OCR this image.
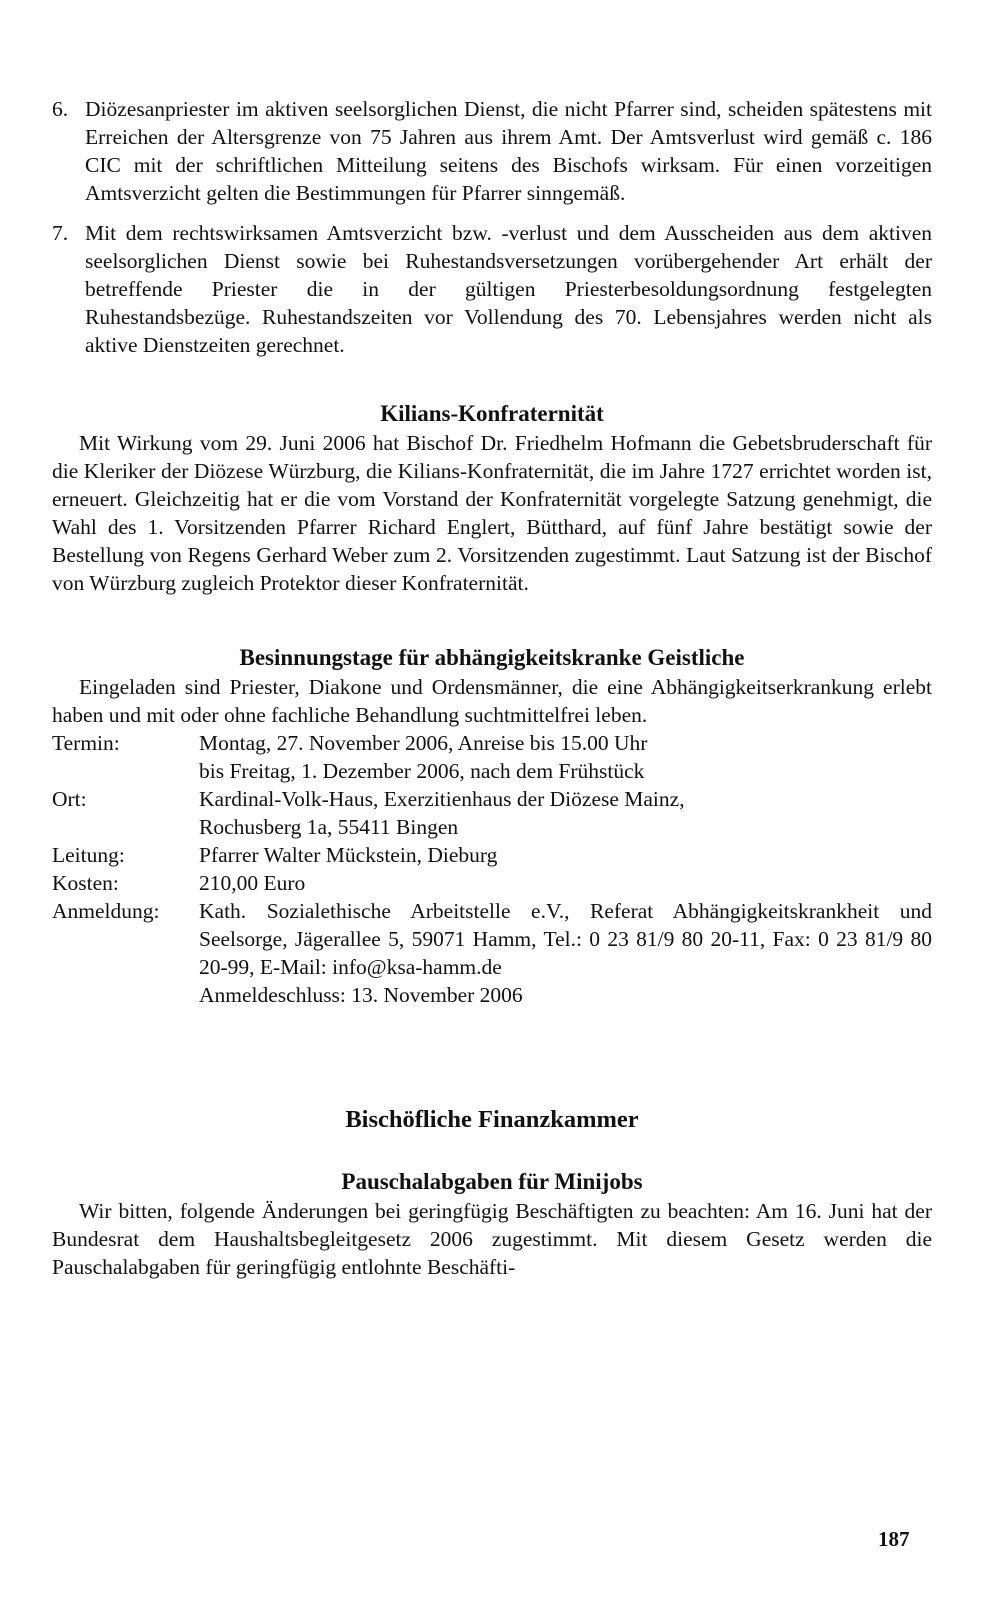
6. Diözesanpriester im aktiven seelsorglichen Dienst, die nicht Pfarrer sind, scheiden spätestens mit Erreichen der Altersgrenze von 75 Jahren aus ihrem Amt. Der Amtsverlust wird gemäß c. 186 CIC mit der schriftlichen Mitteilung seitens des Bischofs wirksam. Für einen vorzeitigen Amtsverzicht gelten die Bestimmungen für Pfarrer sinngemäß.
7. Mit dem rechtswirksamen Amtsverzicht bzw. -verlust und dem Ausscheiden aus dem aktiven seelsorglichen Dienst sowie bei Ruhestandsversetzungen vorübergehender Art erhält der betreffende Priester die in der gültigen Priesterbesoldungsordnung festgelegten Ruhestandsbezüge. Ruhestandszeiten vor Vollendung des 70. Lebensjahres werden nicht als aktive Dienstzeiten gerechnet.
Kilians-Konfraternität

Mit Wirkung vom 29. Juni 2006 hat Bischof Dr. Friedhelm Hofmann die Gebetsbruderschaft für die Kleriker der Diözese Würzburg, die Kilians-Konfraternität, die im Jahre 1727 errichtet worden ist, erneuert. Gleichzeitig hat er die vom Vorstand der Konfraternität vorgelegte Satzung genehmigt, die Wahl des 1. Vorsitzenden Pfarrer Richard Englert, Bütthard, auf fünf Jahre bestätigt sowie der Bestellung von Regens Gerhard Weber zum 2. Vorsitzenden zugestimmt. Laut Satzung ist der Bischof von Würzburg zugleich Protektor dieser Konfraternität.

Besinnungstage für abhängigkeitskranke Geistliche

Eingeladen sind Priester, Diakone und Ordensmänner, die eine Abhängigkeitserkrankung erlebt haben und mit oder ohne fachliche Behandlung suchtmittelfrei leben.

Termin:	Montag, 27. November 2006, Anreise bis 15.00 Uhr
bis Freitag, 1. Dezember 2006, nach dem Frühstück
Ort:	Kardinal-Volk-Haus, Exerzitienhaus der Diözese Mainz,
Rochusberg 1a, 55411 Bingen
Leitung:	Pfarrer Walter Mückstein, Dieburg
Kosten:	210,00 Euro
Anmeldung:	Kath. Sozialethische Arbeitstelle e.V., Referat Abhängigkeitskrankheit und Seelsorge, Jägerallee 5, 59071 Hamm, Tel.: 0 23 81/9 80 20-11, Fax: 0 23 81/9 80 20-99, E-Mail: info@ksa-hamm.de
Anmeldeschluss: 13. November 2006
Bischöfliche Finanzkammer
Pauschalabgaben für Minijobs

Wir bitten, folgende Änderungen bei geringfügig Beschäftigten zu beachten: Am 16. Juni hat der Bundesrat dem Haushaltsbegleitgesetz 2006 zugestimmt. Mit diesem Gesetz werden die Pauschalabgaben für geringfügig entlohnte Beschäfti-

187
